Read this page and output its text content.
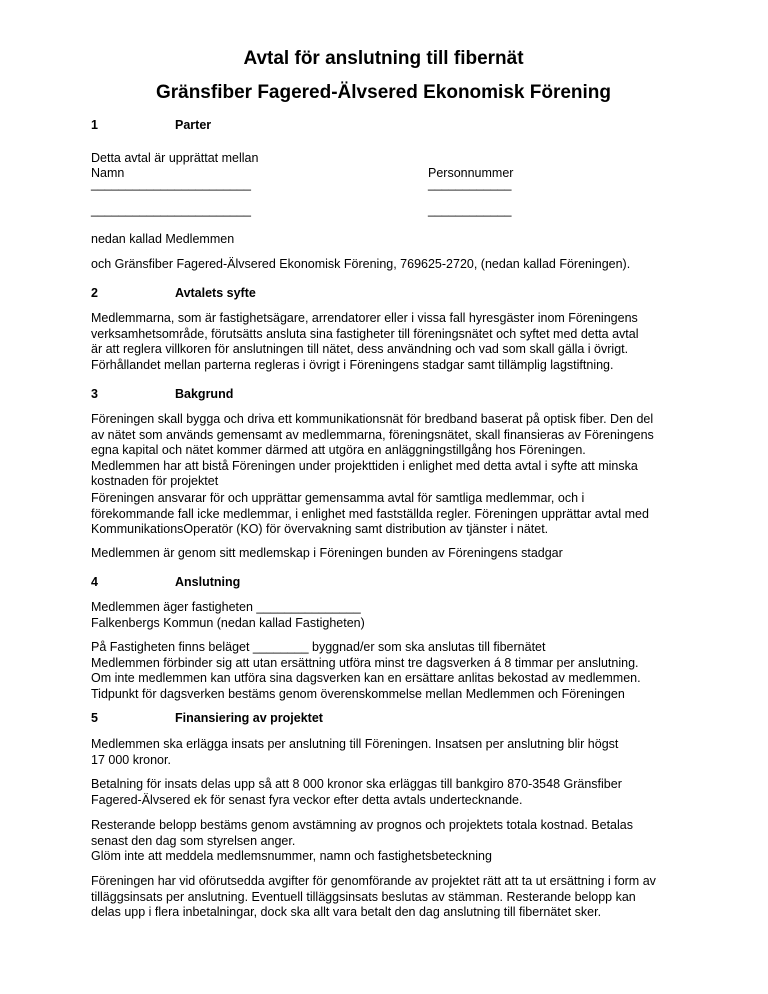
Avtal för anslutning till fibernät
Gränsfiber Fagered-Älvsered Ekonomisk Förening
1	Parter
Detta avtal är upprättat mellan
Namn	Personnummer
_______________________	____________
_______________________	____________
nedan kallad Medlemmen
och Gränsfiber Fagered-Älvsered Ekonomisk Förening, 769625-2720, (nedan kallad Föreningen).
2	Avtalets syfte
Medlemmarna, som är fastighetsägare, arrendatorer eller i vissa fall hyresgäster inom Föreningens
verksamhetsområde, förutsätts ansluta sina fastigheter till föreningsnätet och syftet med detta avtal
är att reglera villkoren för anslutningen till nätet, dess användning och vad som skall gälla i övrigt.
Förhållandet mellan parterna regleras i övrigt i Föreningens stadgar samt tillämplig lagstiftning.
3	Bakgrund
Föreningen skall bygga och driva ett kommunikationsnät för bredband baserat på optisk fiber. Den del
av nätet som används gemensamt av medlemmarna, föreningsnätet, skall finansieras av Föreningens
egna kapital och nätet kommer därmed att utgöra en anläggningstillgång hos Föreningen.
Medlemmen har att bistå Föreningen under projekttiden i enlighet med detta avtal i syfte att minska
kostnaden för projektet
Föreningen ansvarar för och upprättar gemensamma avtal för samtliga medlemmar, och i
förekommande fall icke medlemmar, i enlighet med fastställda regler. Föreningen upprättar avtal med
KommunikationsOperatör (KO) för övervakning samt distribution av tjänster i nätet.
Medlemmen är genom sitt medlemskap i Föreningen bunden av Föreningens stadgar
4	Anslutning
Medlemmen äger fastigheten _______________
Falkenbergs Kommun (nedan kallad Fastigheten)
På Fastigheten finns beläget ________ byggnad/er som ska anslutas till fibernätet
Medlemmen förbinder sig att utan ersättning utföra minst tre dagsverken á 8 timmar per anslutning.
Om inte medlemmen kan utföra sina dagsverken kan en ersättare anlitas bekostad av medlemmen.
Tidpunkt för dagsverken bestäms genom överenskommelse mellan Medlemmen och Föreningen
5	Finansiering av projektet
Medlemmen ska erlägga insats per anslutning till Föreningen. Insatsen per anslutning blir högst
17 000 kronor.
Betalning för insats delas upp så att 8 000 kronor ska erläggas till bankgiro 870-3548 Gränsfiber
Fagered-Älvsered ek för senast fyra veckor efter detta avtals undertecknande.
Resterande belopp bestäms genom avstämning av prognos och projektets totala kostnad. Betalas
senast den dag som styrelsen anger.
Glöm inte att meddela medlemsnummer, namn och fastighetsbeteckning
Föreningen har vid oförutsedda avgifter för genomförande av projektet rätt att ta ut ersättning i form av
tilläggsinsats per anslutning. Eventuell tilläggsinsats beslutas av stämman. Resterande belopp kan
delas upp i flera inbetalningar, dock ska allt vara betalt den dag anslutning till fibernätet sker.
